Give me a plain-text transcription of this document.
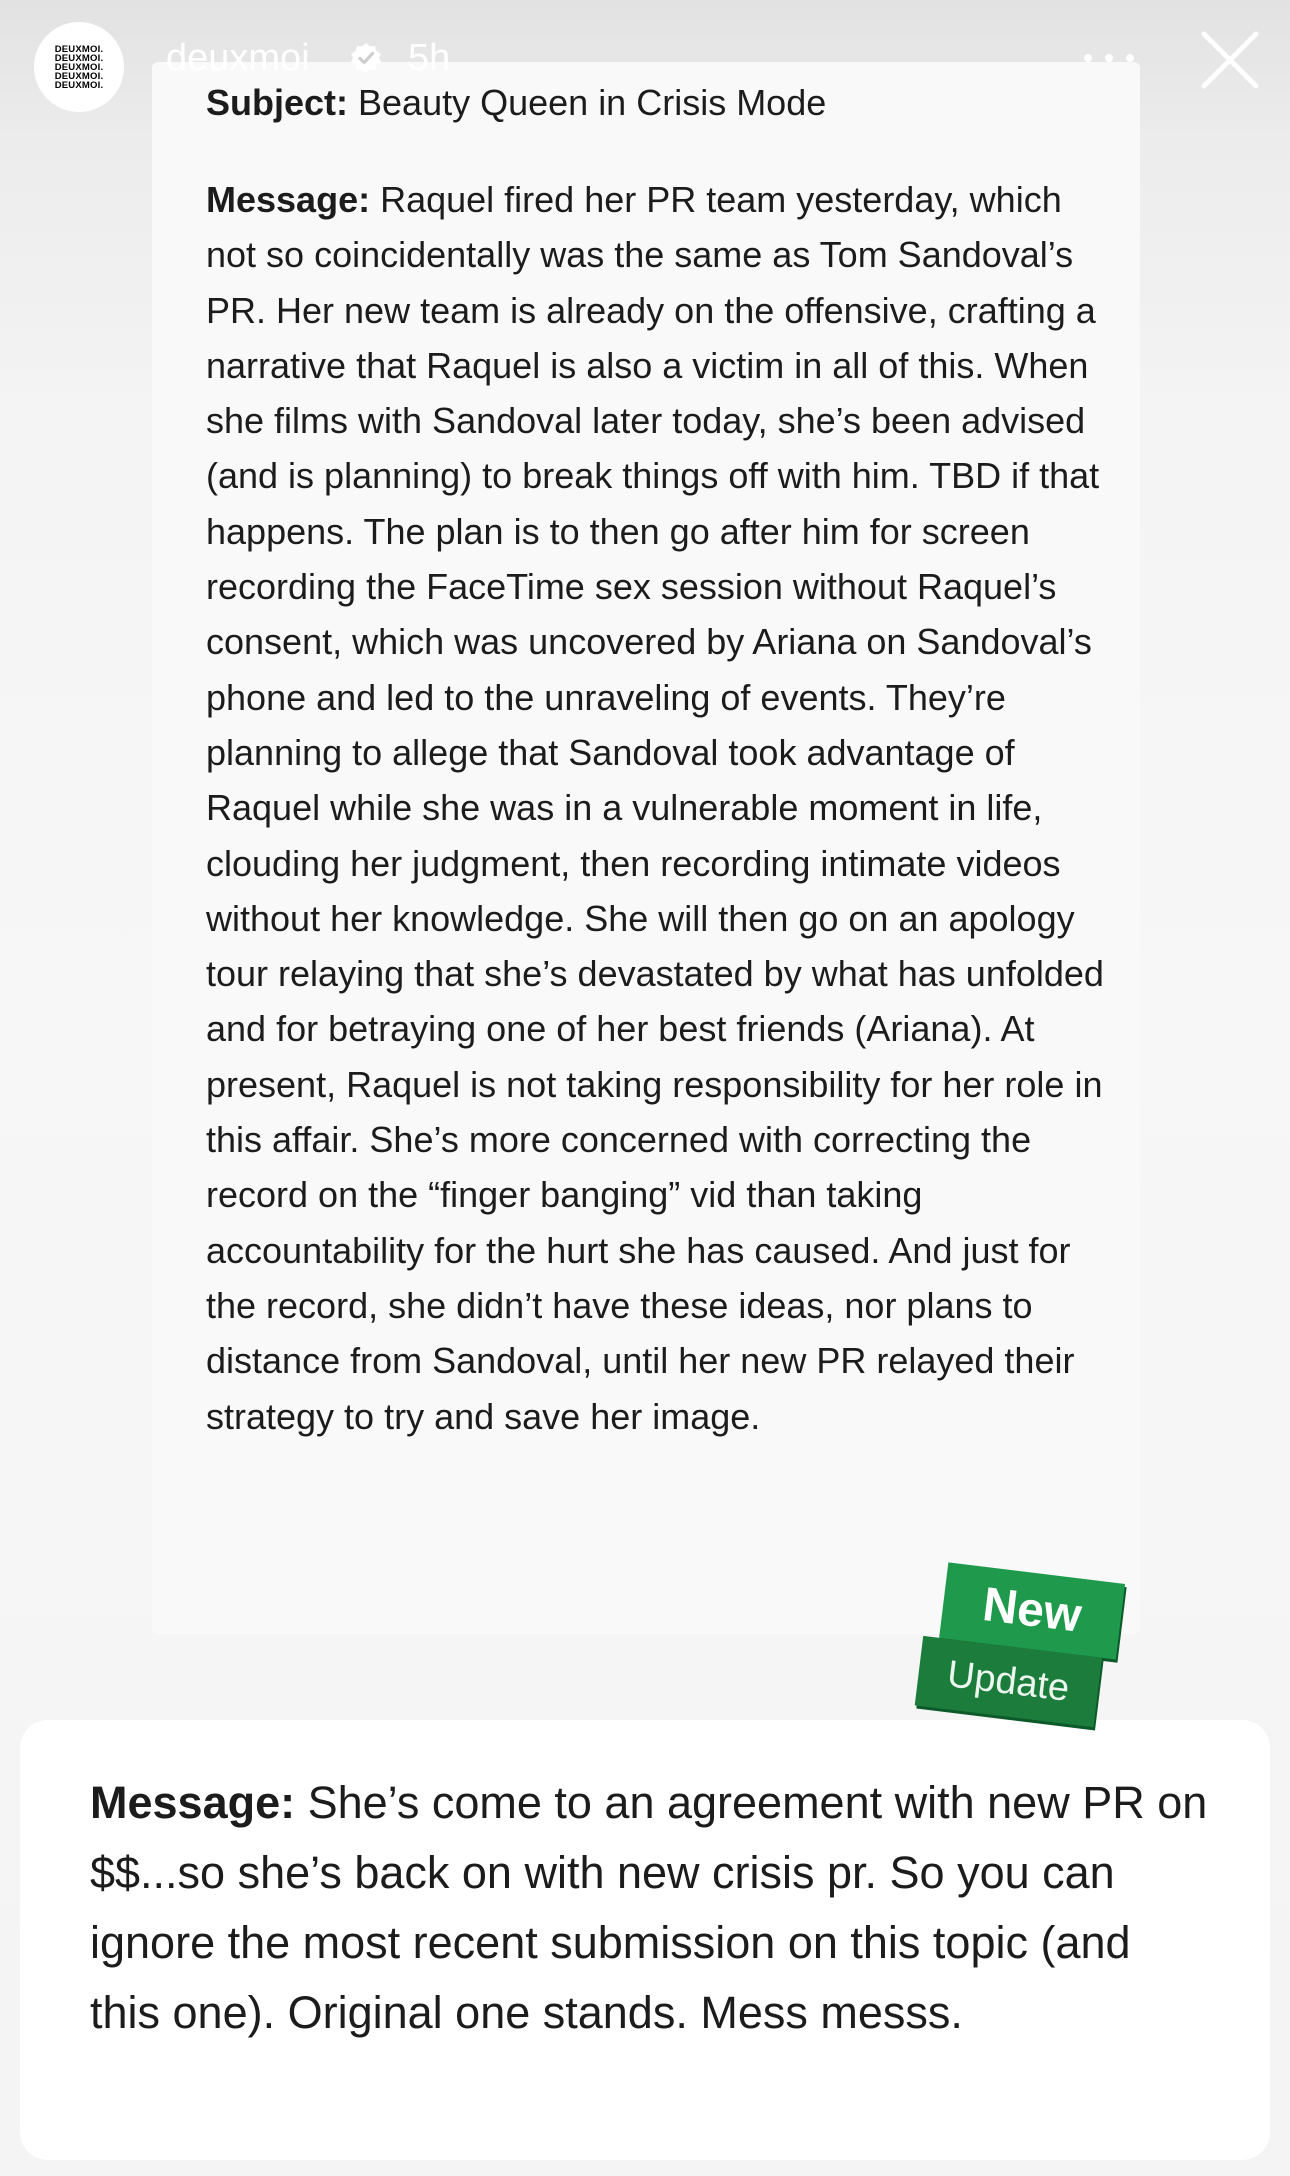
DEUXMOI.
DEUXMOI.
DEUXMOI.
DEUXMOI.
DEUXMOI.
deuxmoi	5h
Subject: Beauty Queen in Crisis Mode
Message: Raquel fired her PR team yesterday, which not so coincidentally was the same as Tom Sandoval’s PR. Her new team is already on the offensive, crafting a narrative that Raquel is also a victim in all of this. When she films with Sandoval later today, she’s been advised (and is planning) to break things off with him. TBD if that happens. The plan is to then go after him for screen recording the FaceTime sex session without Raquel’s consent, which was uncovered by Ariana on Sandoval’s phone and led to the unraveling of events. They’re planning to allege that Sandoval took advantage of Raquel while she was in a vulnerable moment in life, clouding her judgment, then recording intimate videos without her knowledge. She will then go on an apology tour relaying that she’s devastated by what has unfolded and for betraying one of her best friends (Ariana). At present, Raquel is not taking responsibility for her role in this affair. She’s more concerned with correcting the record on the “finger banging” vid than taking accountability for the hurt she has caused. And just for the record, she didn’t have these ideas, nor plans to distance from Sandoval, until her new PR relayed their strategy to try and save her image.
New
Update
Message: She’s come to an agreement with new PR on $$...so she’s back on with new crisis pr. So you can ignore the most recent submission on this topic (and this one). Original one stands. Mess messs.
